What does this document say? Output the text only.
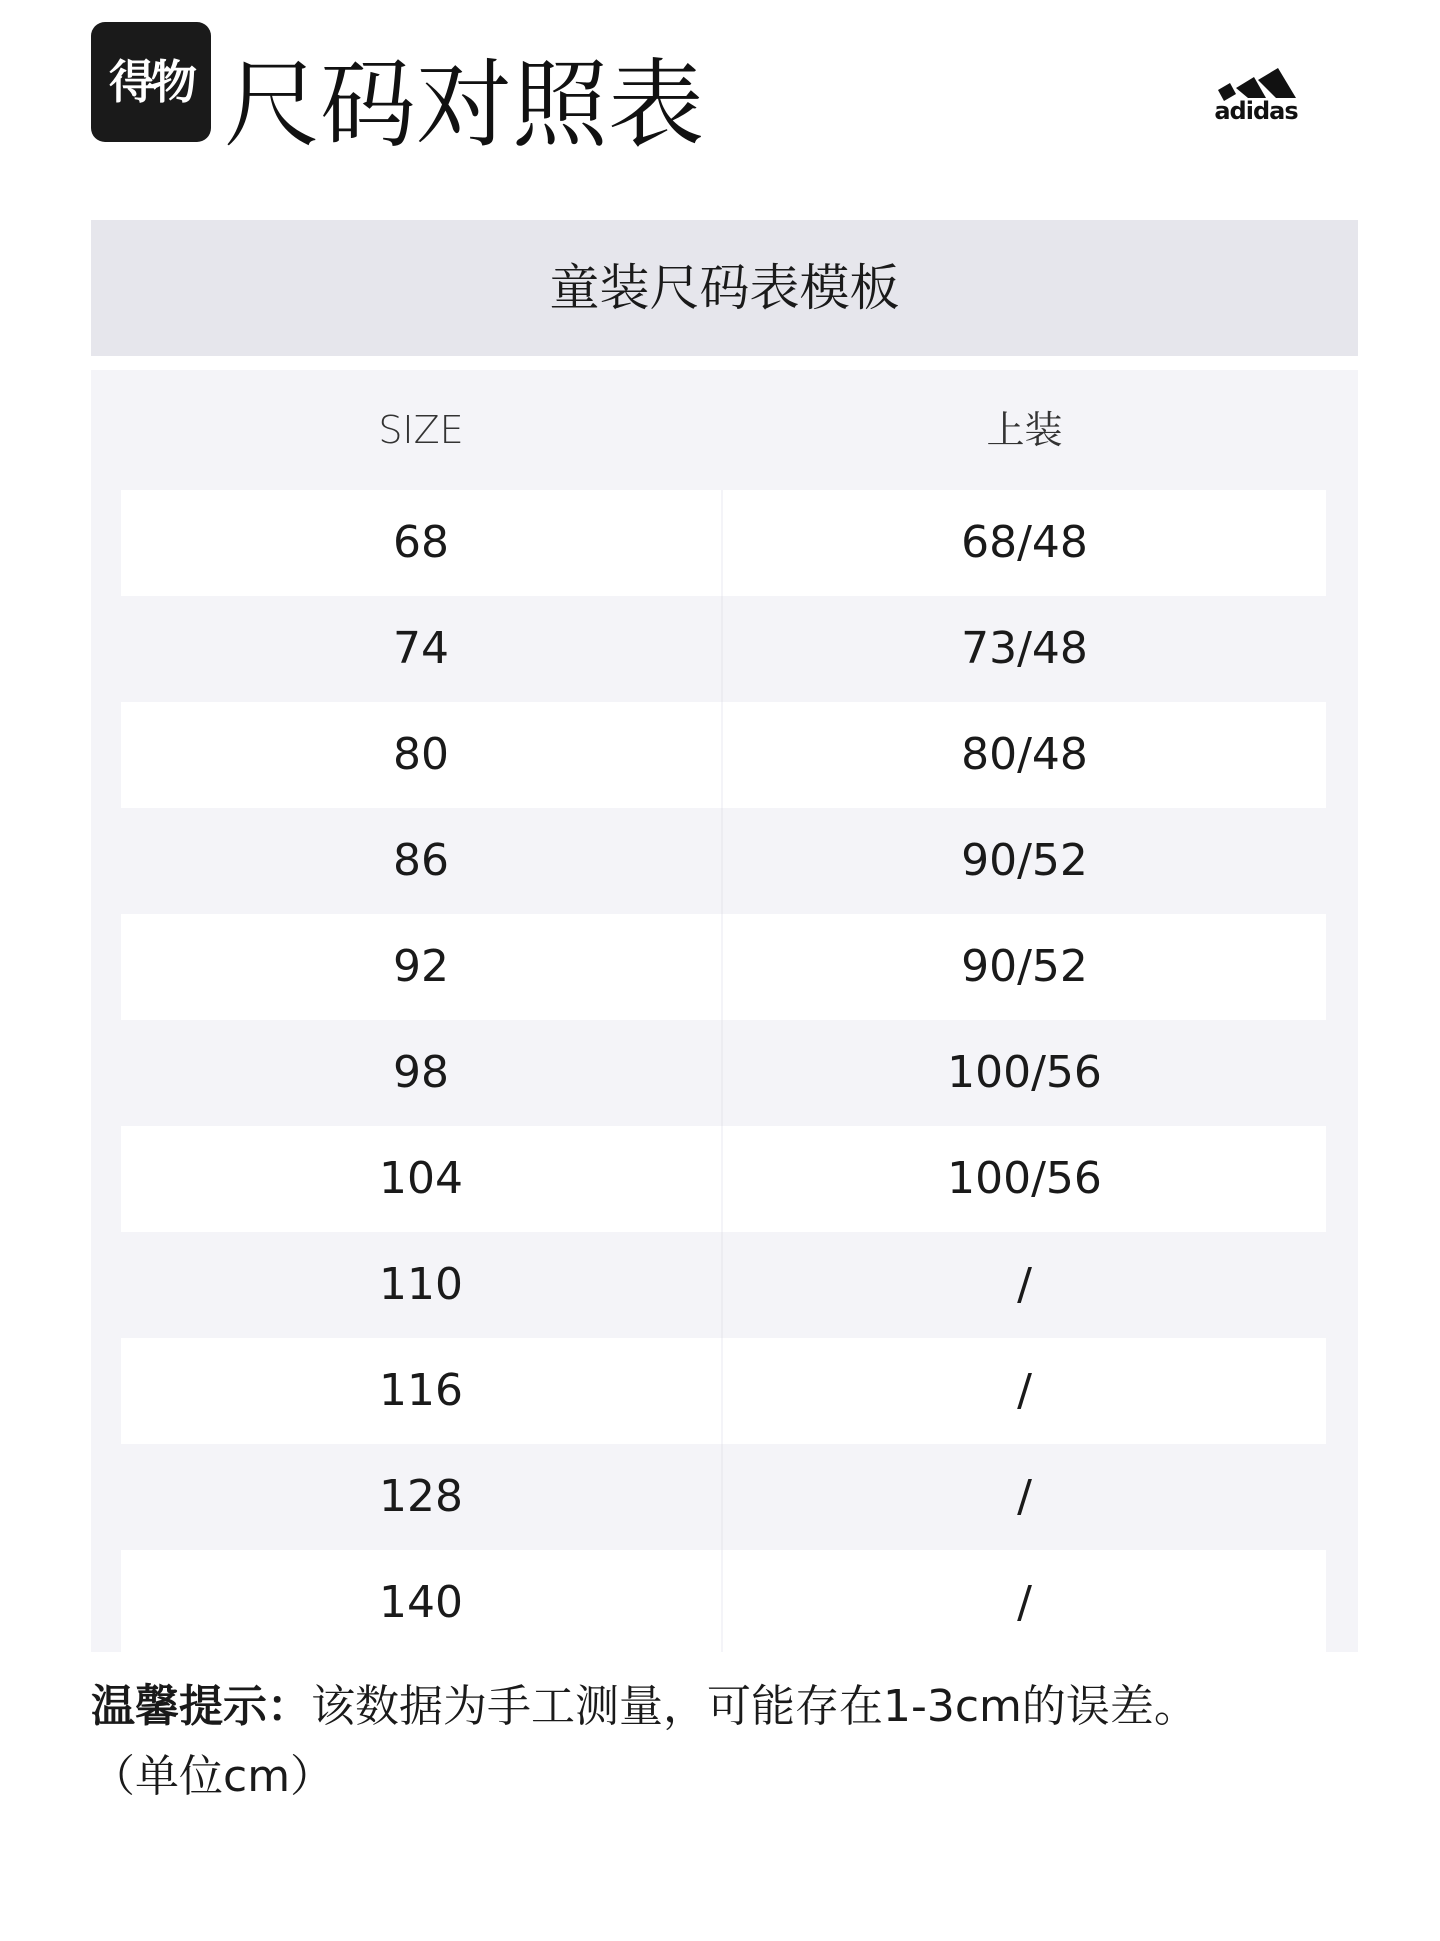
得物 尺码对照表	adidas
童装尺码表模板
SIZE	上装
68	68/48
74	73/48
80	80/48
86	90/52
92	90/52
98	100/56
104	100/56
110	/
116	/
128	/
140	/
温馨提示：该数据为手工测量，可能存在1-3cm的误差。
（单位cm）
